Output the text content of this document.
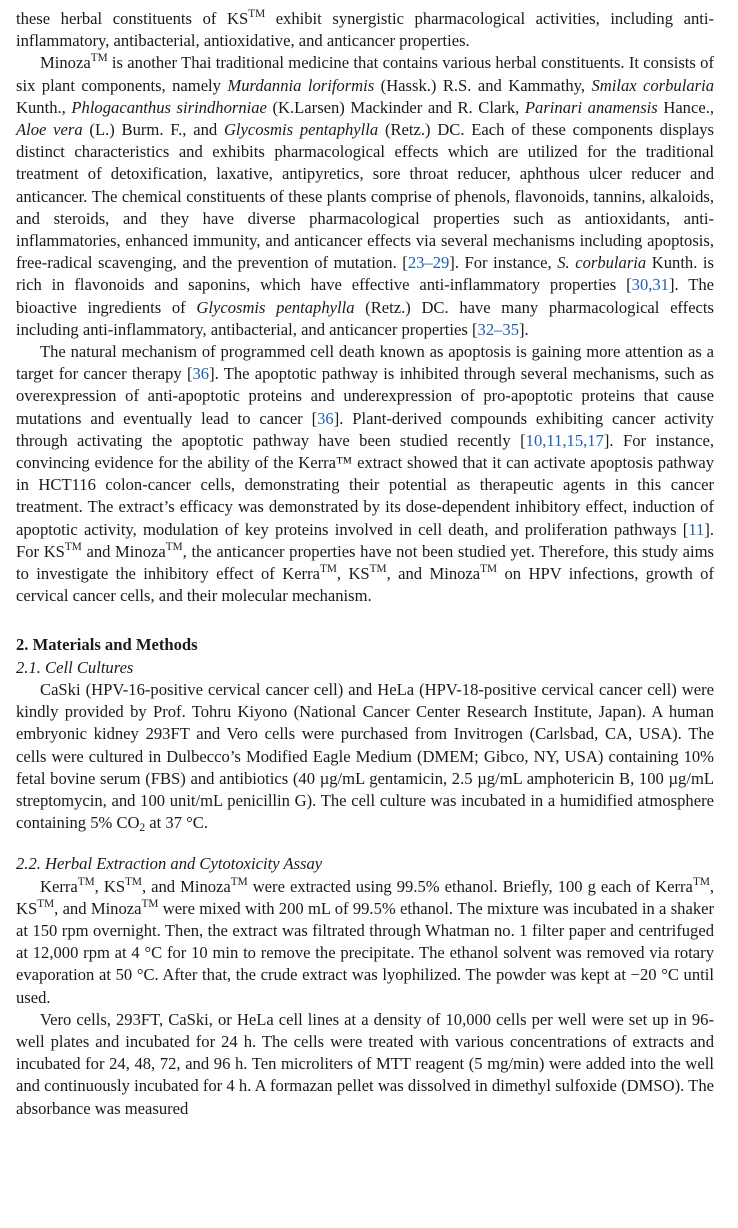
these herbal constituents of KS™ exhibit synergistic pharmacological activities, including anti-inflammatory, antibacterial, antioxidative, and anticancer properties.

Minoza™ is another Thai traditional medicine that contains various herbal constituents. It consists of six plant components, namely Murdannia loriformis (Hassk.) R.S. and Kammathy, Smilax corbularia Kunth., Phlogacanthus sirindhorniae (K.Larsen) Mackinder and R. Clark, Parinari anamensis Hance., Aloe vera (L.) Burm. F., and Glycosmis pentaphylla (Retz.) DC. Each of these components displays distinct characteristics and exhibits pharmacological effects which are utilized for the traditional treatment of detoxification, laxative, antipyretics, sore throat reducer, aphthous ulcer reducer and anticancer. The chemical constituents of these plants comprise of phenols, flavonoids, tannins, alkaloids, and steroids, and they have diverse pharmacological properties such as antioxidants, anti-inflammatories, enhanced immunity, and anticancer effects via several mechanisms including apoptosis, free-radical scavenging, and the prevention of mutation. [23–29]. For instance, S. corbularia Kunth. is rich in flavonoids and saponins, which have effective anti-inflammatory properties [30,31]. The bioactive ingredients of Glycosmis pentaphylla (Retz.) DC. have many pharmacological effects including anti-inflammatory, antibacterial, and anticancer properties [32–35].

The natural mechanism of programmed cell death known as apoptosis is gaining more attention as a target for cancer therapy [36]. The apoptotic pathway is inhibited through several mechanisms, such as overexpression of anti-apoptotic proteins and underexpression of pro-apoptotic proteins that cause mutations and eventually lead to cancer [36]. Plant-derived compounds exhibiting cancer activity through activating the apoptotic pathway have been studied recently [10,11,15,17]. For instance, convincing evidence for the ability of the Kerra™ extract showed that it can activate apoptosis pathway in HCT116 colon-cancer cells, demonstrating their potential as therapeutic agents in this cancer treatment. The extract’s efficacy was demonstrated by its dose-dependent inhibitory effect, induction of apoptotic activity, modulation of key proteins involved in cell death, and proliferation pathways [11]. For KS™ and Minoza™, the anticancer properties have not been studied yet. Therefore, this study aims to investigate the inhibitory effect of Kerra™, KS™, and Minoza™ on HPV infections, growth of cervical cancer cells, and their molecular mechanism.

2. Materials and Methods
2.1. Cell Cultures

CaSki (HPV-16-positive cervical cancer cell) and HeLa (HPV-18-positive cervical cancer cell) were kindly provided by Prof. Tohru Kiyono (National Cancer Center Research Institute, Japan). A human embryonic kidney 293FT and Vero cells were purchased from Invitrogen (Carlsbad, CA, USA). The cells were cultured in Dulbecco’s Modified Eagle Medium (DMEM; Gibco, NY, USA) containing 10% fetal bovine serum (FBS) and antibiotics (40 µg/mL gentamicin, 2.5 µg/mL amphotericin B, 100 µg/mL streptomycin, and 100 unit/mL penicillin G). The cell culture was incubated in a humidified atmosphere containing 5% $CO_2$ at 37 °C.

2.2. Herbal Extraction and Cytotoxicity Assay

Kerra™, KS™, and Minoza™ were extracted using 99.5% ethanol. Briefly, 100 g each of Kerra™, KS™, and Minoza™ were mixed with 200 mL of 99.5% ethanol. The mixture was incubated in a shaker at 150 rpm overnight. Then, the extract was filtrated through Whatman no. 1 filter paper and centrifuged at 12,000 rpm at 4 °C for 10 min to remove the precipitate. The ethanol solvent was removed via rotary evaporation at 50 °C. After that, the crude extract was lyophilized. The powder was kept at −20 °C until used.

Vero cells, 293FT, CaSki, or HeLa cell lines at a density of 10,000 cells per well were set up in 96-well plates and incubated for 24 h. The cells were treated with various concentrations of extracts and incubated for 24, 48, 72, and 96 h. Ten microliters of MTT reagent (5 mg/min) were added into the well and continuously incubated for 4 h. A formazan pellet was dissolved in dimethyl sulfoxide (DMSO). The absorbance was measured
